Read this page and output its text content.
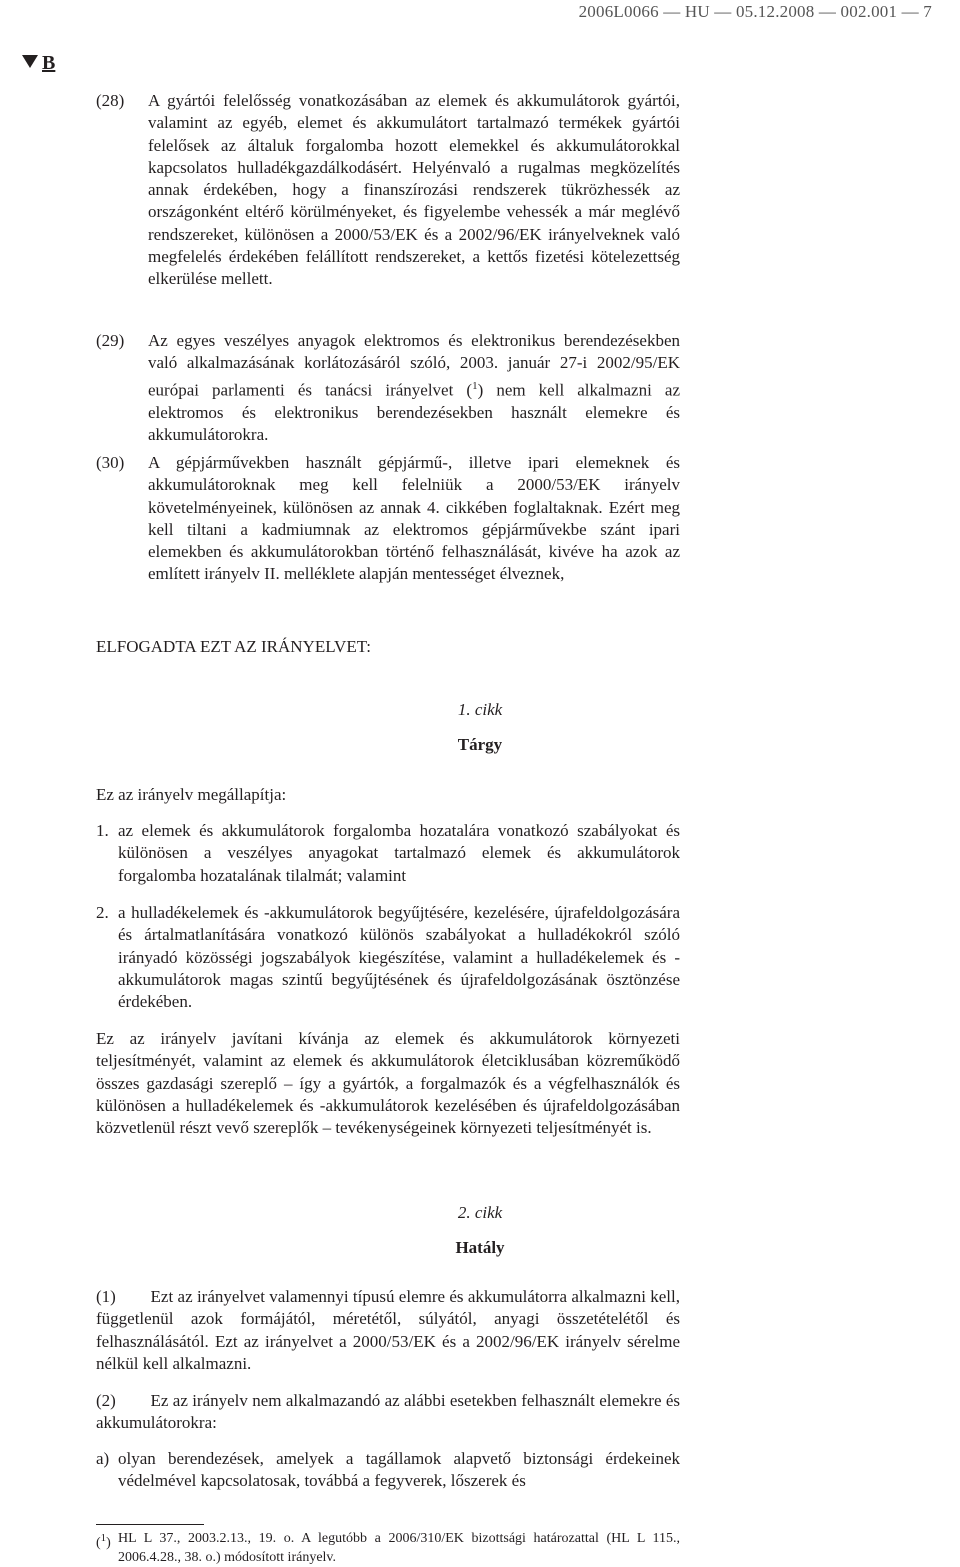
2006L0066 — HU — 05.12.2008 — 002.001 — 7
B
(28) A gyártói felelősség vonatkozásában az elemek és akkumulátorok gyártói, valamint az egyéb, elemet és akkumulátort tartalmazó termékek gyártói felelősek az általuk forgalomba hozott elemekkel és akkumulátorokkal kapcsolatos hulladékgazdálkodásért. Helyénvaló a rugalmas megközelítés annak érdekében, hogy a finanszírozási rendszerek tükrözhessék az országonként eltérő körülményeket, és figyelembe vehessék a már meglévő rendszereket, különösen a 2000/53/EK és a 2002/96/EK irányelveknek való megfelelés érdekében felállított rendszereket, a kettős fizetési kötelezettség elkerülése mellett.
(29) Az egyes veszélyes anyagok elektromos és elektronikus berendezésekben való alkalmazásának korlátozásáról szóló, 2003. január 27-i 2002/95/EK európai parlamenti és tanácsi irányelvet ($^1$) nem kell alkalmazni az elektromos és elektronikus berendezésekben használt elemekre és akkumulátorokra.
(30) A gépjárművekben használt gépjármű-, illetve ipari elemeknek és akkumulátoroknak meg kell felelniük a 2000/53/EK irányelv követelményeinek, különösen az annak 4. cikkében foglaltaknak. Ezért meg kell tiltani a kadmiumnak az elektromos gépjárművekbe szánt ipari elemekben és akkumulátorokban történő felhasználását, kivéve ha azok az említett irányelv II. melléklete alapján mentességet élveznek,
ELFOGADTA EZT AZ IRÁNYELVET:
1. cikk
Tárgy
Ez az irányelv megállapítja:
1. az elemek és akkumulátorok forgalomba hozatalára vonatkozó szabályokat és különösen a veszélyes anyagokat tartalmazó elemek és akkumulátorok forgalomba hozatalának tilalmát; valamint
2. a hulladékelemek és -akkumulátorok begyűjtésére, kezelésére, újrafeldolgozására és ártalmatlanítására vonatkozó különös szabályokat a hulladékokról szóló irányadó közösségi jogszabályok kiegészítése, valamint a hulladékelemek és -akkumulátorok magas szintű begyűjtésének és újrafeldolgozásának ösztönzése érdekében.
Ez az irányelv javítani kívánja az elemek és akkumulátorok környezeti teljesítményét, valamint az elemek és akkumulátorok életciklusában közreműködő összes gazdasági szereplő – így a gyártók, a forgalmazók és a végfelhasználók és különösen a hulladékelemek és -akkumulátorok kezelésében és újrafeldolgozásában közvetlenül részt vevő szereplők – tevékenységeinek környezeti teljesítményét is.
2. cikk
Hatály
(1) Ezt az irányelvet valamennyi típusú elemre és akkumulátorra alkalmazni kell, függetlenül azok formájától, méretétől, súlyától, anyagi összetételétől és felhasználásától. Ezt az irányelvet a 2000/53/EK és a 2002/96/EK irányelv sérelme nélkül kell alkalmazni.
(2) Ez az irányelv nem alkalmazandó az alábbi esetekben felhasznált elemekre és akkumulátorokra:
a) olyan berendezések, amelyek a tagállamok alapvető biztonsági érdekeinek védelmével kapcsolatosak, továbbá a fegyverek, lőszerek és
($^1$) HL L 37., 2003.2.13., 19. o. A legutóbb a 2006/310/EK bizottsági határozattal (HL L 115., 2006.4.28., 38. o.) módosított irányelv.
